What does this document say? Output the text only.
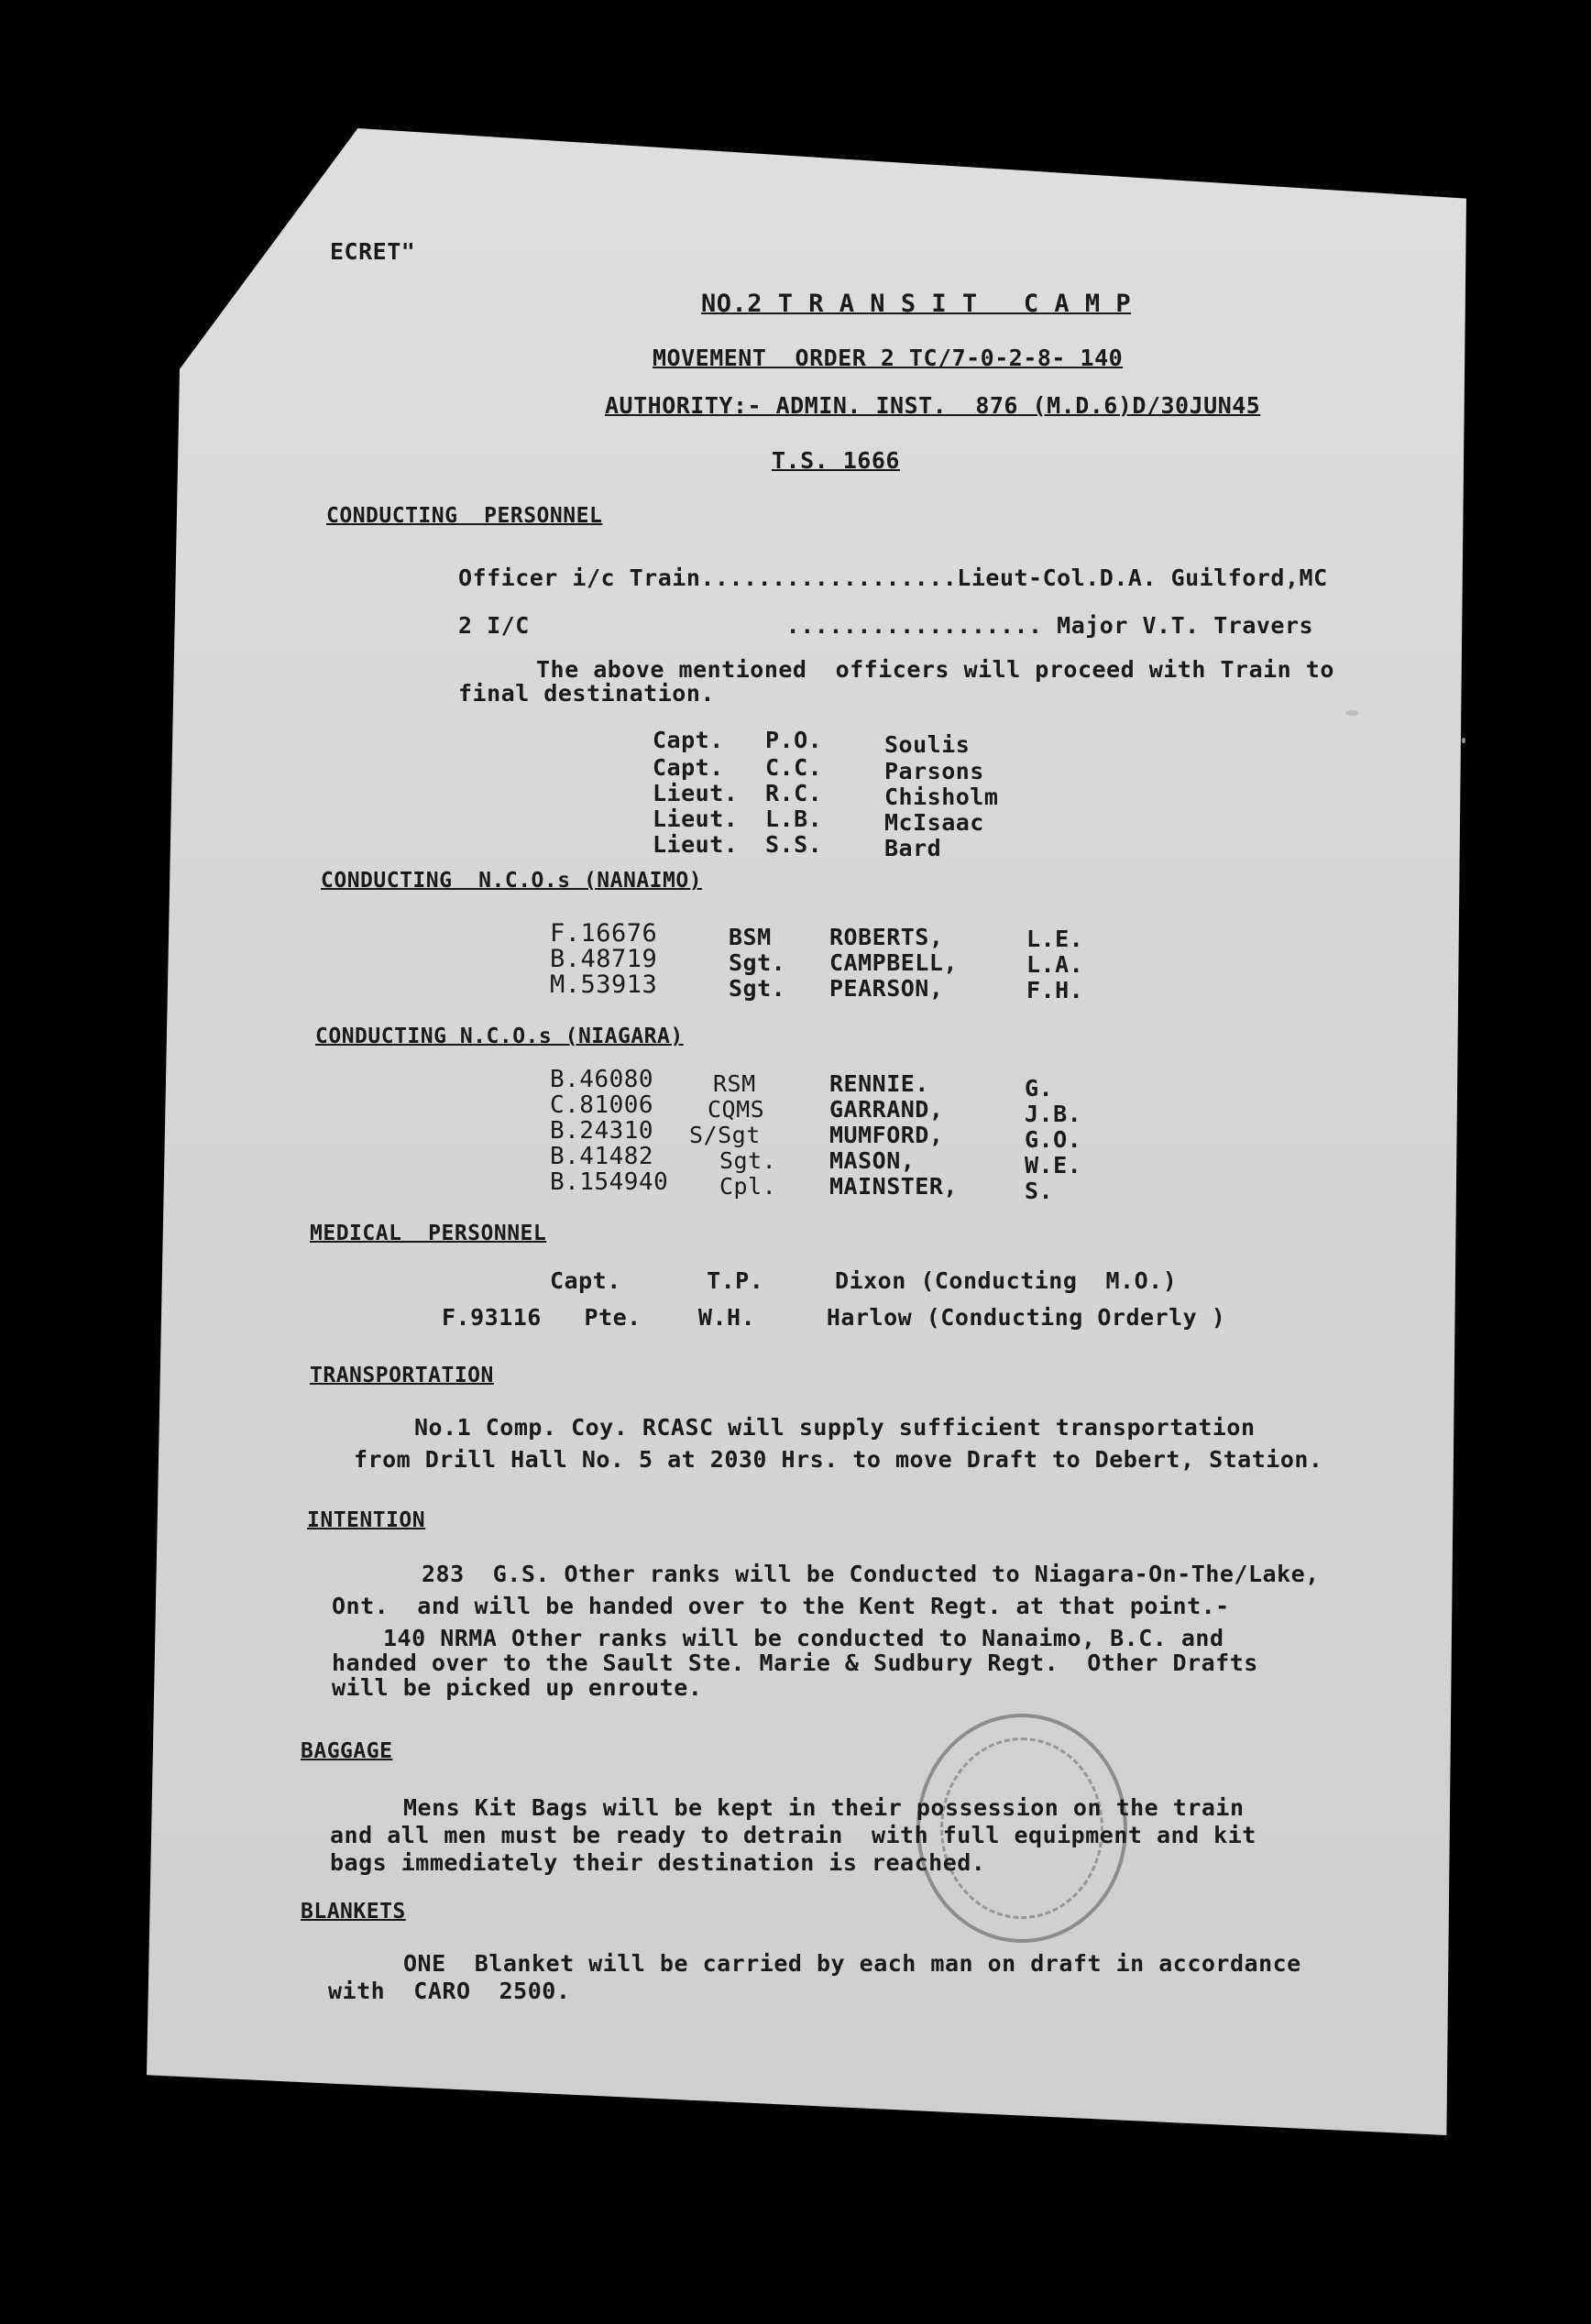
ECRET"
NO.2 T R A N S I T   C A M P
MOVEMENT  ORDER 2 TC/7-0-2-8- 140
AUTHORITY:- ADMIN. INST.  876 (M.D.6)D/30JUN45
T.S. 1666
CONDUCTING  PERSONNEL
Officer i/c Train..................Lieut-Col.D.A. Guilford,MC
2 I/C                  .................. Major V.T. Travers
The above mentioned  officers will proceed with Train to
final destination.
Capt. P.O.	Soulis
Capt. C.C.	Parsons
Lieut. R.C.	Chisholm
Lieut. L.B.	McIsaac
Lieut. S.S.	Bard
CONDUCTING  N.C.O.s (NANAIMO)
F.16676	BSM	ROBERTS,	L.E.
B.48719	Sgt. CAMPBELL,	L.A.
M.53913	Sgt. PEARSON,	F.H.
CONDUCTING N.C.O.s (NIAGARA)
B.46080	RSM	RENNIE.	G.
C.81006 CQMS	GARRAND,	J.B.
B.24310 S/Sgt	MUMFORD,	G.O.
B.41482	Sgt. MASON,	W.E.
B.154940 Cpl. MAINSTER,	S.
MEDICAL  PERSONNEL
Capt.      T.P.     Dixon (Conducting  M.O.)
F.93116   Pte.    W.H.     Harlow (Conducting Orderly )
TRANSPORTATION
No.1 Comp. Coy. RCASC will supply sufficient transportation
from Drill Hall No. 5 at 2030 Hrs. to move Draft to Debert, Station.
INTENTION
283  G.S. Other ranks will be Conducted to Niagara-On-The/Lake,
Ont.  and will be handed over to the Kent Regt. at that point.-
140 NRMA Other ranks will be conducted to Nanaimo, B.C. and
handed over to the Sault Ste. Marie & Sudbury Regt.  Other Drafts
will be picked up enroute.
BAGGAGE
Mens Kit Bags will be kept in their possession on the train
and all men must be ready to detrain  with full equipment and kit
bags immediately their destination is reached.
BLANKETS
ONE  Blanket will be carried by each man on draft in accordance
with  CARO  2500.
